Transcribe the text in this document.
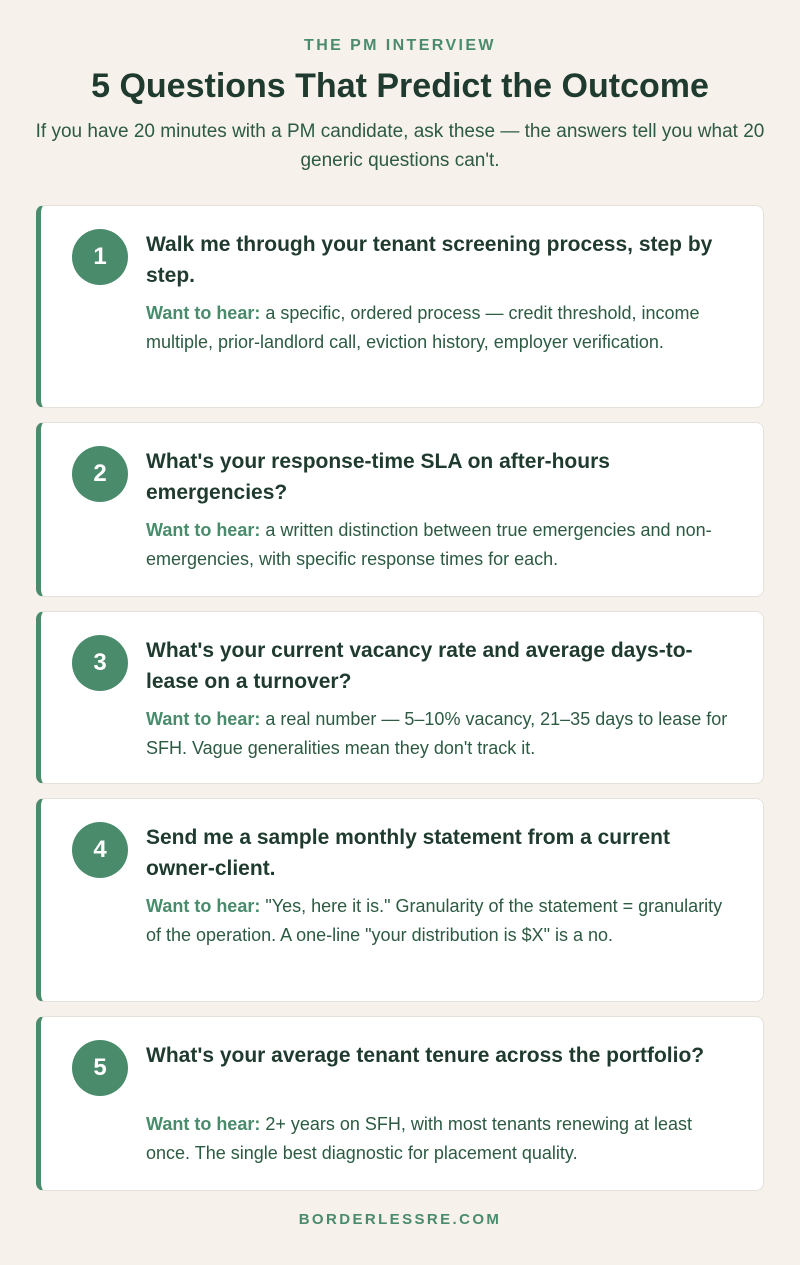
THE PM INTERVIEW
5 Questions That Predict the Outcome

If you have 20 minutes with a PM candidate, ask these — the answers tell you what 20 generic questions can't.

1	Walk me through your tenant screening process, step by step.

Want to hear: a specific, ordered process — credit threshold, income multiple, prior-landlord call, eviction history, employer verification.

2	What's your response-time SLA on after-hours emergencies?

Want to hear: a written distinction between true emergencies and non-emergencies, with specific response times for each.

3	What's your current vacancy rate and average days-to-lease on a turnover?

Want to hear: a real number — 5–10% vacancy, 21–35 days to lease for SFH. Vague generalities mean they don't track it.

4	Send me a sample monthly statement from a current owner-client.

Want to hear: "Yes, here it is." Granularity of the statement = granularity of the operation. A one-line "your distribution is $X" is a no.

5	What's your average tenant tenure across the portfolio?

Want to hear: 2+ years on SFH, with most tenants renewing at least once. The single best diagnostic for placement quality.

BORDERLESSRE.COM
